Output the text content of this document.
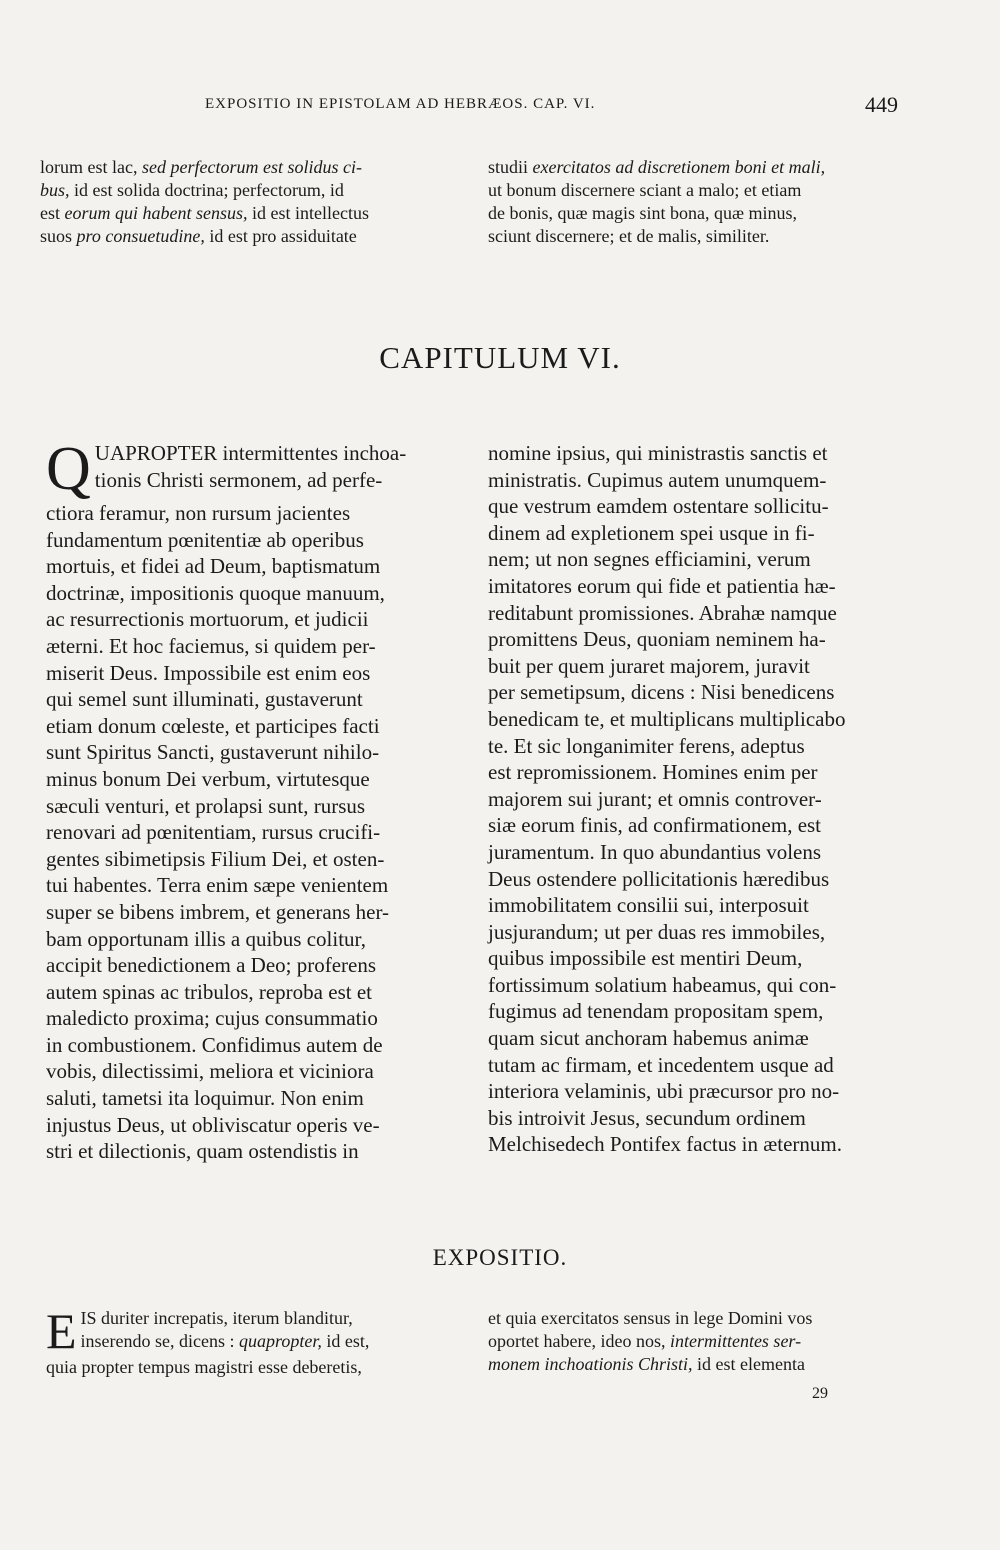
EXPOSITIO IN EPISTOLAM AD HEBRÆOS. CAP. VI.	449
lorum est lac, sed perfectorum est solidus ci-
bus, id est solida doctrina; perfectorum, id
est eorum qui habent sensus, id est intellectus
suos pro consuetudine, id est pro assiduitate
studii exercitatos ad discretionem boni et mali,
ut bonum discernere sciant a malo; et etiam
de bonis, quæ magis sint bona, quæ minus,
sciunt discernere; et de malis, similiter.
CAPITULUM VI.
Q UAPROPTER intermittentes inchoa-
tionis Christi sermonem, ad perfe-
ctiora feramur, non rursum jacientes
fundamentum pœnitentiæ ab operibus
mortuis, et fidei ad Deum, baptismatum
doctrinæ, impositionis quoque manuum,
ac resurrectionis mortuorum, et judicii
æterni. Et hoc faciemus, si quidem per-
miserit Deus. Impossibile est enim eos
qui semel sunt illuminati, gustaverunt
etiam donum cœleste, et participes facti
sunt Spiritus Sancti, gustaverunt nihilo-
minus bonum Dei verbum, virtutesque
sæculi venturi, et prolapsi sunt, rursus
renovari ad pœnitentiam, rursus crucifi-
gentes sibimetipsis Filium Dei, et osten-
tui habentes. Terra enim sæpe venientem
super se bibens imbrem, et generans her-
bam opportunam illis a quibus colitur,
accipit benedictionem a Deo; proferens
autem spinas ac tribulos, reproba est et
maledicto proxima; cujus consummatio
in combustionem. Confidimus autem de
vobis, dilectissimi, meliora et viciniora
saluti, tametsi ita loquimur. Non enim
injustus Deus, ut obliviscatur operis ve-
stri et dilectionis, quam ostendistis in
nomine ipsius, qui ministrastis sanctis et
ministratis. Cupimus autem unumquem-
que vestrum eamdem ostentare sollicitu-
dinem ad expletionem spei usque in fi-
nem; ut non segnes efficiamini, verum
imitatores eorum qui fide et patientia hæ-
reditabunt promissiones. Abrahæ namque
promittens Deus, quoniam neminem ha-
buit per quem juraret majorem, juravit
per semetipsum, dicens : Nisi benedicens
benedicam te, et multiplicans multiplicabo
te. Et sic longanimiter ferens, adeptus
est repromissionem. Homines enim per
majorem sui jurant; et omnis controver-
siæ eorum finis, ad confirmationem, est
juramentum. In quo abundantius volens
Deus ostendere pollicitationis hæredibus
immobilitatem consilii sui, interposuit
jusjurandum; ut per duas res immobiles,
quibus impossibile est mentiri Deum,
fortissimum solatium habeamus, qui con-
fugimus ad tenendam propositam spem,
quam sicut anchoram habemus animæ
tutam ac firmam, et incedentem usque ad
interiora velaminis, ubi præcursor pro no-
bis introivit Jesus, secundum ordinem
Melchisedech Pontifex factus in æternum.
EXPOSITIO.
E IS duriter increpatis, iterum blanditur,
inserendo se, dicens : quapropter, id est,
quia propter tempus magistri esse deberetis,
et quia exercitatos sensus in lege Domini vos
oportet habere, ideo nos, intermittentes ser-
monem inchoationis Christi, id est elementa
29
